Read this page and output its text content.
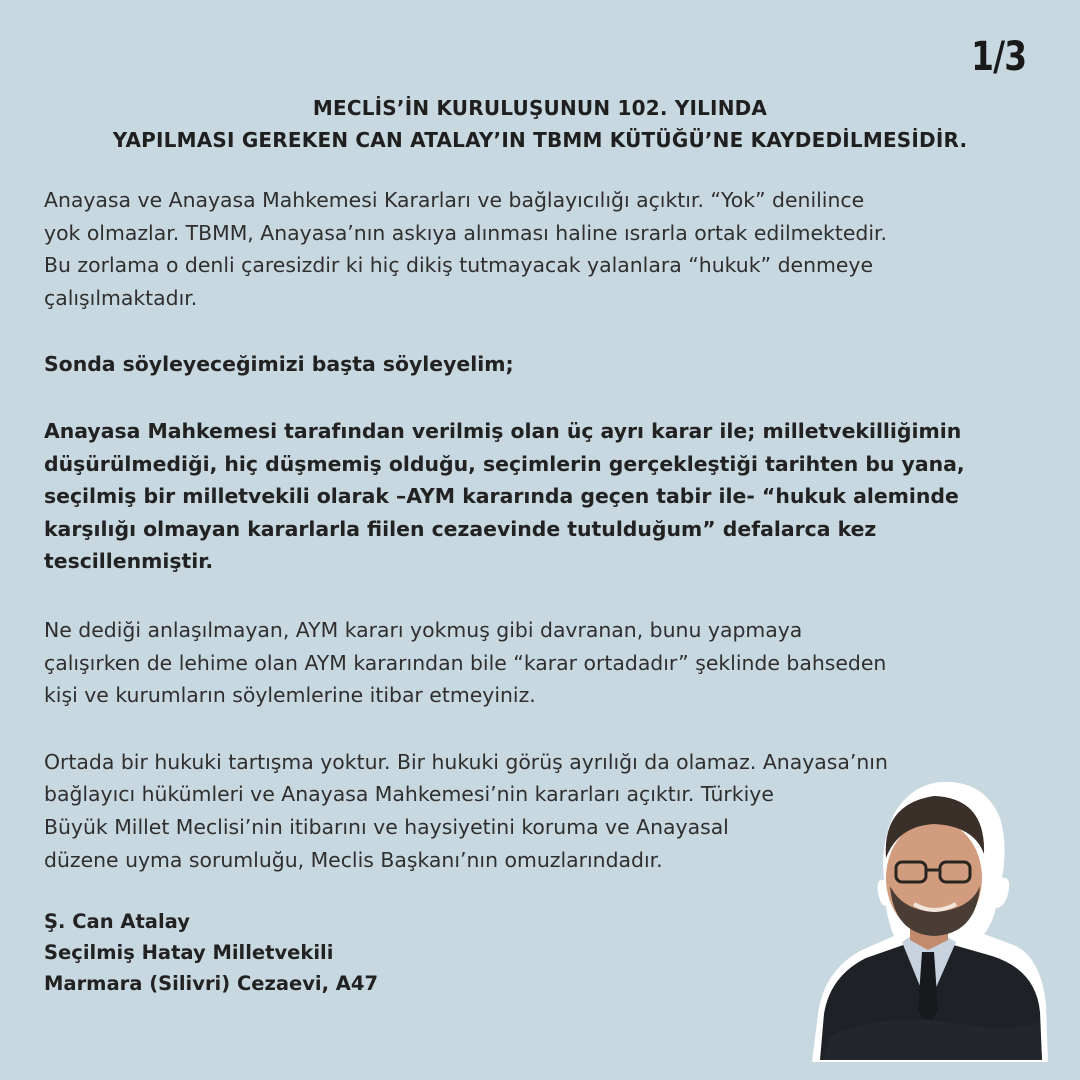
1/3
MECLİS’İN KURULUŞUNUN 102. YILINDA
YAPILMASI GEREKEN CAN ATALAY’IN TBMM KÜTÜĞÜ’NE KAYDEDİLMESİDİR.

Anayasa ve Anayasa Mahkemesi Kararları ve bağlayıcılığı açıktır. “Yok” denilince
yok olmazlar. TBMM, Anayasa’nın askıya alınması haline ısrarla ortak edilmektedir.
Bu zorlama o denli çaresizdir ki hiç dikiş tutmayacak yalanlara “hukuk” denmeye
çalışılmaktadır.

Sonda söyleyeceğimizi başta söyleyelim;

Anayasa Mahkemesi tarafından verilmiş olan üç ayrı karar ile; milletvekilliğimin
düşürülmediği, hiç düşmemiş olduğu, seçimlerin gerçekleştiği tarihten bu yana,
seçilmiş bir milletvekili olarak –AYM kararında geçen tabir ile- “hukuk aleminde
karşılığı olmayan kararlarla fiilen cezaevinde tutulduğum” defalarca kez
tescillenmiştir.

Ne dediği anlaşılmayan, AYM kararı yokmuş gibi davranan, bunu yapmaya
çalışırken de lehime olan AYM kararından bile “karar ortadadır” şeklinde bahseden
kişi ve kurumların söylemlerine itibar etmeyiniz.

Ortada bir hukuki tartışma yoktur. Bir hukuki görüş ayrılığı da olamaz. Anayasa’nın
bağlayıcı hükümleri ve Anayasa Mahkemesi’nin kararları açıktır. Türkiye
Büyük Millet Meclisi’nin itibarını ve haysiyetini koruma ve Anayasal
düzene uyma sorumluğu, Meclis Başkanı’nın omuzlarındadır.

Ş. Can Atalay

Seçilmiş Hatay Milletvekili

Marmara (Silivri) Cezaevi, A47
